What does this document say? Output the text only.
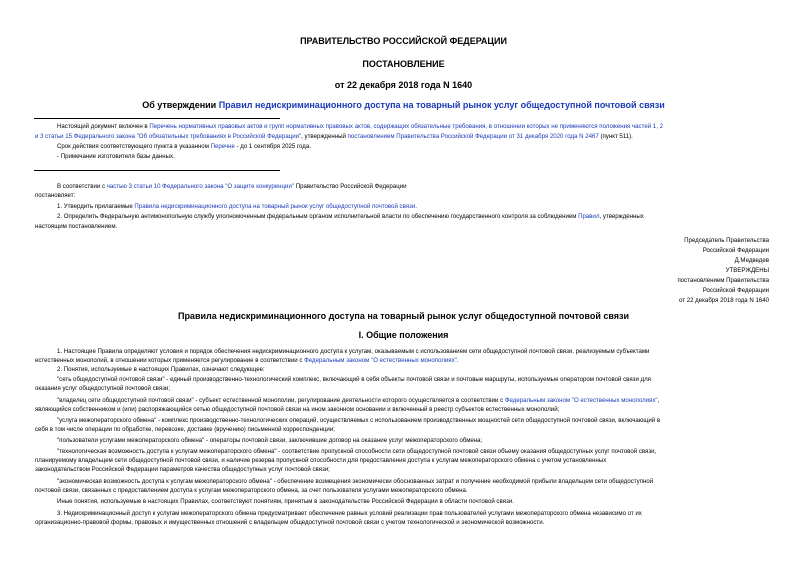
ПРАВИТЕЛЬСТВО РОССИЙСКОЙ ФЕДЕРАЦИИ
ПОСТАНОВЛЕНИЕ
от 22 декабря 2018 года N 1640
Об утверждении Правил недискриминационного доступа на товарный рынок услуг общедоступной почтовой связи
Настоящий документ включен в Перечень нормативных правовых актов и групп нормативных правовых актов, содержащих обязательные требования, в отношении которых не применяются положения частей 1, 2
и 3 статьи 15 Федерального закона "Об обязательных требованиях в Российской Федерации", утвержденный постановлением Правительства Российской Федерации от 31 декабря 2020 года N 2467 (пункт 511).
Срок действия соответствующего пункта в указанном Перечне - до 1 сентября 2025 года.
- Примечание изготовителя базы данных.
В соответствии с частью 3 статьи 10 Федерального закона "О защите конкуренции" Правительство Российской Федерации
постановляет:
1. Утвердить прилагаемые Правила недискриминационного доступа на товарный рынок услуг общедоступной почтовой связи.
2. Определить Федеральную антимонопольную службу уполномоченным федеральным органом исполнительной власти по обеспечению государственного контроля за соблюдением Правил, утвержденных
настоящим постановлением.
Председатель Правительства
Российской Федерации
Д.Медведев
УТВЕРЖДЕНЫ
постановлением Правительства
Российской Федерации
от 22 декабря 2018 года N 1640
Правила недискриминационного доступа на товарный рынок услуг общедоступной почтовой связи
I. Общие положения
1. Настоящие Правила определяют условия и порядок обеспечения недискриминационного доступа к услугам, оказываемым с использованием сети общедоступной почтовой связи, реализуемым субъектами
естественных монополий, в отношении которых применяется регулирование в соответствии с Федеральным законом "О естественных монополиях".
2. Понятия, используемые в настоящих Правилах, означают следующее:
"сеть общедоступной почтовой связи" - единый производственно-технологический комплекс, включающий в себя объекты почтовой связи и почтовые маршруты, используемые оператором почтовой связи для
оказания услуг общедоступной почтовой связи;
"владелец сети общедоступной почтовой связи" - субъект естественной монополии, регулирование деятельности которого осуществляется в соответствии с Федеральным законом "О естественных монополиях",
являющийся собственником и (или) распоряжающийся сетью общедоступной почтовой связи на ином законном основании и включенный в реестр субъектов естественных монополий;
"услуга межоператорского обмена" - комплекс производственно-технологических операций, осуществляемых с использованием производственных мощностей сети общедоступной почтовой связи, включающий в
себя в том числе операции по обработке, перевозке, доставке (вручению) письменной корреспонденции;
"пользователи услугами межоператорского обмена" - операторы почтовой связи, заключившие договор на оказание услуг межоператорского обмена;
"технологическая возможность доступа к услугам межоператорского обмена" - соответствие пропускной способности сети общедоступной почтовой связи объему оказания общедоступных услуг почтовой связи,
планируемому владельцем сети общедоступной почтовой связи, и наличие резерва пропускной способности для предоставления доступа к услугам межоператорского обмена с учетом установленных
законодательством Российской Федерации параметров качества общедоступных услуг почтовой связи;
"экономическая возможность доступа к услугам межоператорского обмена" - обеспечение возмещения экономически обоснованных затрат и получение необходимой прибыли владельцем сети общедоступной
почтовой связи, связанных с предоставлением доступа к услугам межоператорского обмена, за счет пользователя услугами межоператорского обмена.
Иные понятия, используемые в настоящих Правилах, соответствуют понятиям, принятым в законодательстве Российской Федерации в области почтовой связи.
3. Недискриминационный доступ к услугам межоператорского обмена предусматривает обеспечение равных условий реализации прав пользователей услугами межоператорского обмена независимо от их
организационно-правовой формы, правовых и имущественных отношений с владельцем общедоступной почтовой связи с учетом технологической и экономической возможности.
